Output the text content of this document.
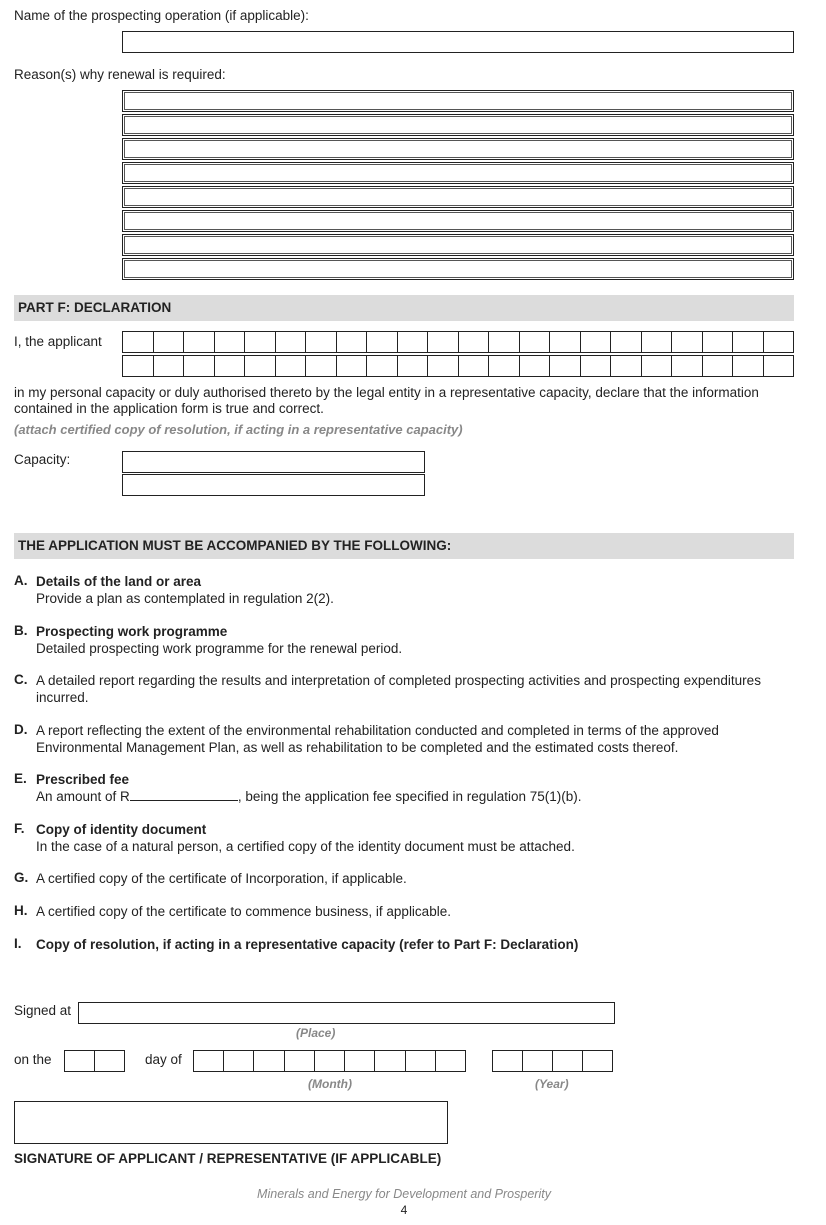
Name of the prospecting operation (if applicable):
Reason(s) why renewal is required:
PART F: DECLARATION
I, the applicant
in my personal capacity or duly authorised thereto by the legal entity in a representative capacity, declare that the information contained in the application form is true and correct.
(attach certified copy of resolution, if acting in a representative capacity)
Capacity:
THE APPLICATION MUST BE ACCOMPANIED BY THE FOLLOWING:
A. Details of the land or area
Provide a plan as contemplated in regulation 2(2).
B. Prospecting work programme
Detailed prospecting work programme for the renewal period.
C. A detailed report regarding the results and interpretation of completed prospecting activities and prospecting expenditures incurred.
D. A report reflecting the extent of the environmental rehabilitation conducted and completed in terms of the approved Environmental Management Plan, as well as rehabilitation to be completed and the estimated costs thereof.
E. Prescribed fee
An amount of R	, being the application fee specified in regulation 75(1)(b).
F. Copy of identity document
In the case of a natural person, a certified copy of the identity document must be attached.
G. A certified copy of the certificate of Incorporation, if applicable.
H. A certified copy of the certificate to commence business, if applicable.
I. Copy of resolution, if acting in a representative capacity (refer to Part F: Declaration)
Signed at
(Place)
on the	day of
(Month)	(Year)
SIGNATURE OF APPLICANT / REPRESENTATIVE (IF APPLICABLE)
Minerals and Energy for Development and Prosperity
4
